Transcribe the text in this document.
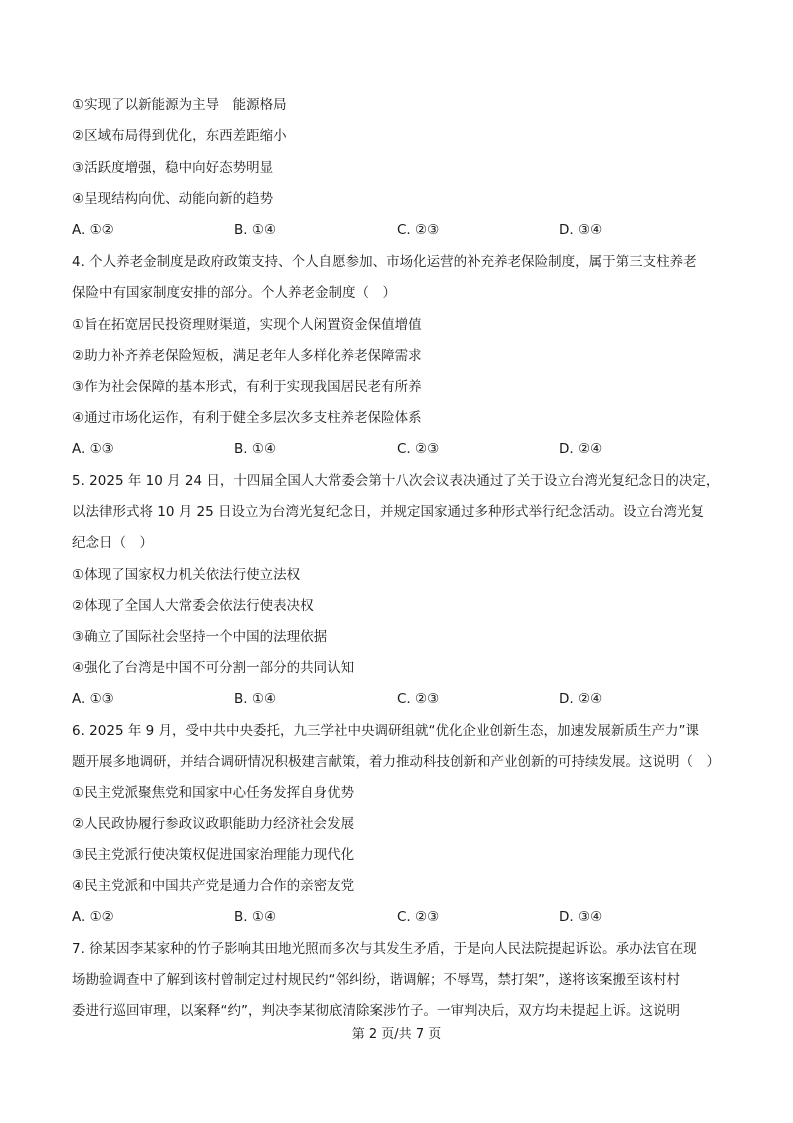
①实现了以新能源为主导　能源格局
②区域布局得到优化，东西差距缩小
③活跃度增强，稳中向好态势明显
④呈现结构向优、动能向新的趋势
A. ①②	B. ①④	C. ②③	D. ③④
4. 个人养老金制度是政府政策支持、个人自愿参加、市场化运营的补充养老保险制度，属于第三支柱养老
保险中有国家制度安排的部分。个人养老金制度（　）
①旨在拓宽居民投资理财渠道，实现个人闲置资金保值增值
②助力补齐养老保险短板，满足老年人多样化养老保障需求
③作为社会保障的基本形式，有利于实现我国居民老有所养
④通过市场化运作，有利于健全多层次多支柱养老保险体系
A. ①③	B. ①④	C. ②③	D. ②④
5. 2025 年 10 月 24 日，十四届全国人大常委会第十八次会议表决通过了关于设立台湾光复纪念日的决定，
以法律形式将 10 月 25 日设立为台湾光复纪念日，并规定国家通过多种形式举行纪念活动。设立台湾光复
纪念日（　）
①体现了国家权力机关依法行使立法权
②体现了全国人大常委会依法行使表决权
③确立了国际社会坚持一个中国的法理依据
④强化了台湾是中国不可分割一部分的共同认知
A. ①③	B. ①④	C. ②③	D. ②④
6. 2025 年 9 月，受中共中央委托，九三学社中央调研组就“优化企业创新生态，加速发展新质生产力”课
题开展多地调研，并结合调研情况积极建言献策，着力推动科技创新和产业创新的可持续发展。这说明（　）
①民主党派聚焦党和国家中心任务发挥自身优势
②人民政协履行参政议政职能助力经济社会发展
③民主党派行使决策权促进国家治理能力现代化
④民主党派和中国共产党是通力合作的亲密友党
A. ①②	B. ①④	C. ②③	D. ③④
7. 徐某因李某家种的竹子影响其田地光照而多次与其发生矛盾，于是向人民法院提起诉讼。承办法官在现
场勘验调查中了解到该村曾制定过村规民约“邻纠纷，谐调解；不辱骂，禁打架”，遂将该案搬至该村村
委进行巡回审理，以案释“约”，判决李某彻底清除案涉竹子。一审判决后，双方均未提起上诉。这说明
第 2 页/共 7 页
